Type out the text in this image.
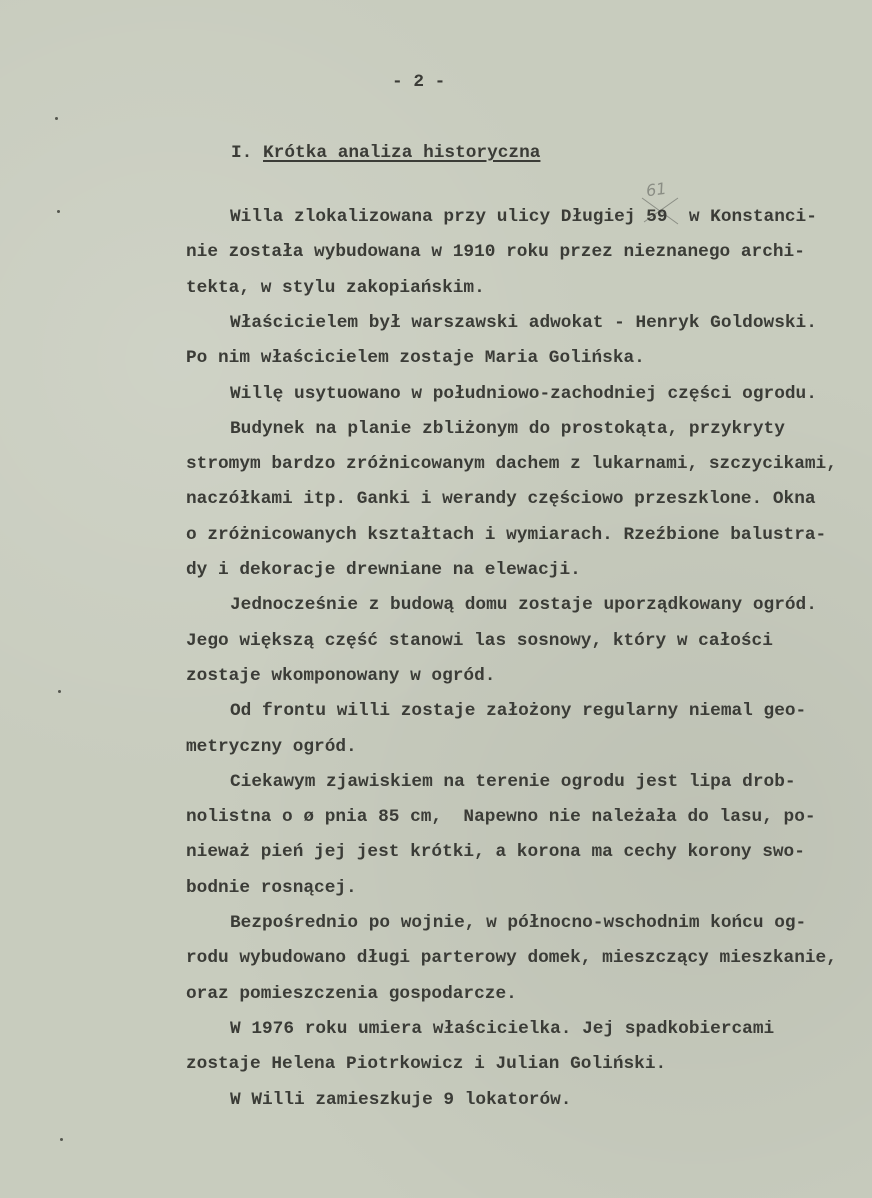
- 2 -
I. Krótka analiza historyczna
61
Willa zlokalizowana przy ulicy Długiej 59  w Konstanci-
nie została wybudowana w 1910 roku przez nieznanego archi-
tekta, w stylu zakopiańskim.
Właścicielem był warszawski adwokat - Henryk Goldowski.
Po nim właścicielem zostaje Maria Golińska.
Willę usytuowano w południowo-zachodniej części ogrodu.
Budynek na planie zbliżonym do prostokąta, przykryty
stromym bardzo zróżnicowanym dachem z lukarnami, szczycikami,
naczółkami itp. Ganki i werandy częściowo przeszklone. Okna
o zróżnicowanych kształtach i wymiarach. Rzeźbione balustra-
dy i dekoracje drewniane na elewacji.
Jednocześnie z budową domu zostaje uporządkowany ogród.
Jego większą część stanowi las sosnowy, który w całości
zostaje wkomponowany w ogród.
Od frontu willi zostaje założony regularny niemal geo-
metryczny ogród.
Ciekawym zjawiskiem na terenie ogrodu jest lipa drob-
nolistna o ø pnia 85 cm,  Napewno nie należała do lasu, po-
nieważ pień jej jest krótki, a korona ma cechy korony swo-
bodnie rosnącej.
Bezpośrednio po wojnie, w północno-wschodnim końcu og-
rodu wybudowano długi parterowy domek, mieszczący mieszkanie,
oraz pomieszczenia gospodarcze.
W 1976 roku umiera właścicielka. Jej spadkobiercami
zostaje Helena Piotrkowicz i Julian Goliński.
W Willi zamieszkuje 9 lokatorów.
